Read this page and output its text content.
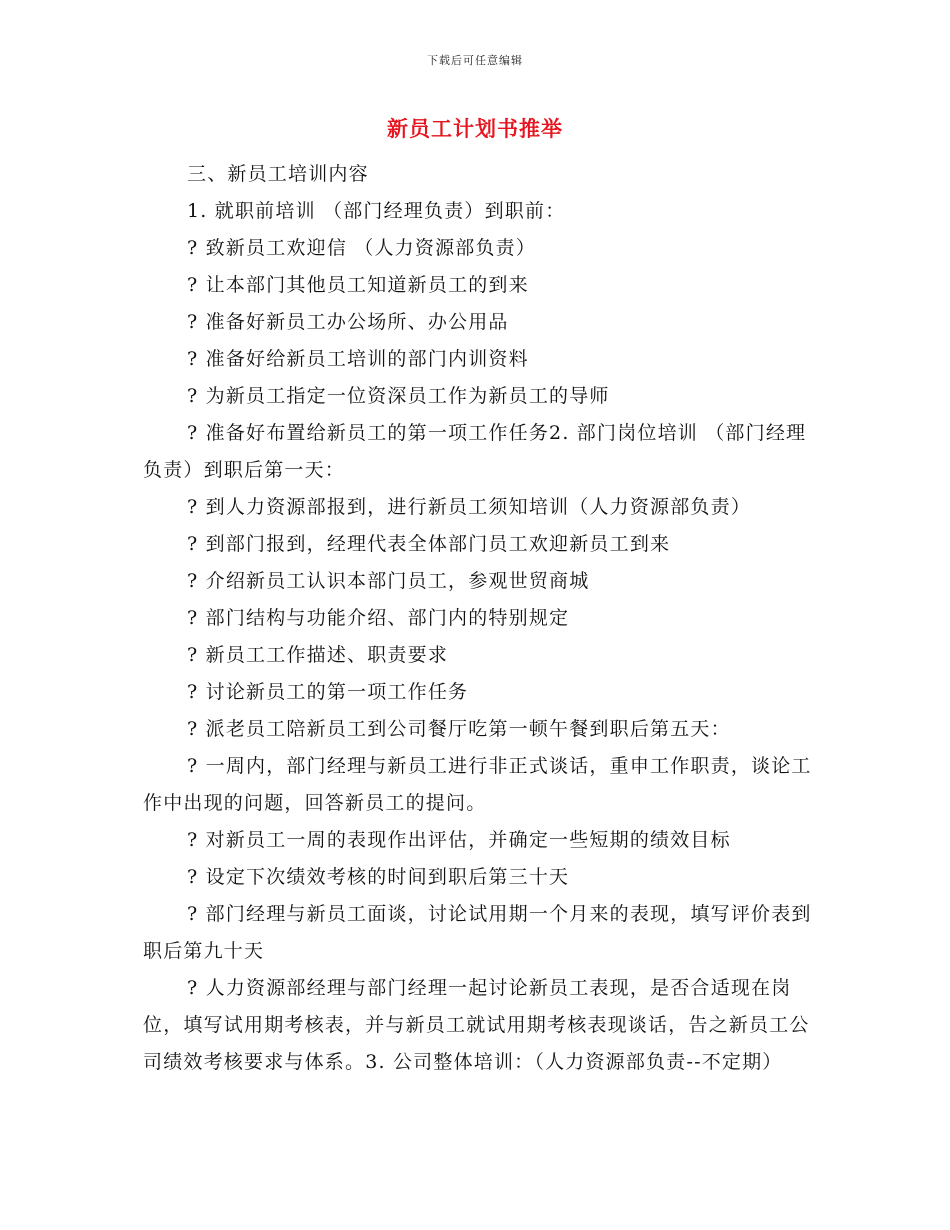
下载后可任意编辑
新员工计划书推举

三、新员工培训内容

1. 就职前培训 （部门经理负责）到职前：

? 致新员工欢迎信 （人力资源部负责）

? 让本部门其他员工知道新员工的到来

? 准备好新员工办公场所、办公用品

? 准备好给新员工培训的部门内训资料

? 为新员工指定一位资深员工作为新员工的导师

? 准备好布置给新员工的第一项工作任务2. 部门岗位培训 （部门经理负责）到职后第一天：

? 到人力资源部报到，进行新员工须知培训（人力资源部负责）

? 到部门报到，经理代表全体部门员工欢迎新员工到来

? 介绍新员工认识本部门员工，参观世贸商城

? 部门结构与功能介绍、部门内的特别规定

? 新员工工作描述、职责要求

? 讨论新员工的第一项工作任务

? 派老员工陪新员工到公司餐厅吃第一顿午餐到职后第五天：

? 一周内，部门经理与新员工进行非正式谈话，重申工作职责，谈论工作中出现的问题，回答新员工的提问。

? 对新员工一周的表现作出评估，并确定一些短期的绩效目标

? 设定下次绩效考核的时间到职后第三十天

? 部门经理与新员工面谈，讨论试用期一个月来的表现，填写评价表到职后第九十天

? 人力资源部经理与部门经理一起讨论新员工表现，是否合适现在岗位，填写试用期考核表，并与新员工就试用期考核表现谈话，告之新员工公司绩效考核要求与体系。3. 公司整体培训：（人力资源部负责--不定期）
